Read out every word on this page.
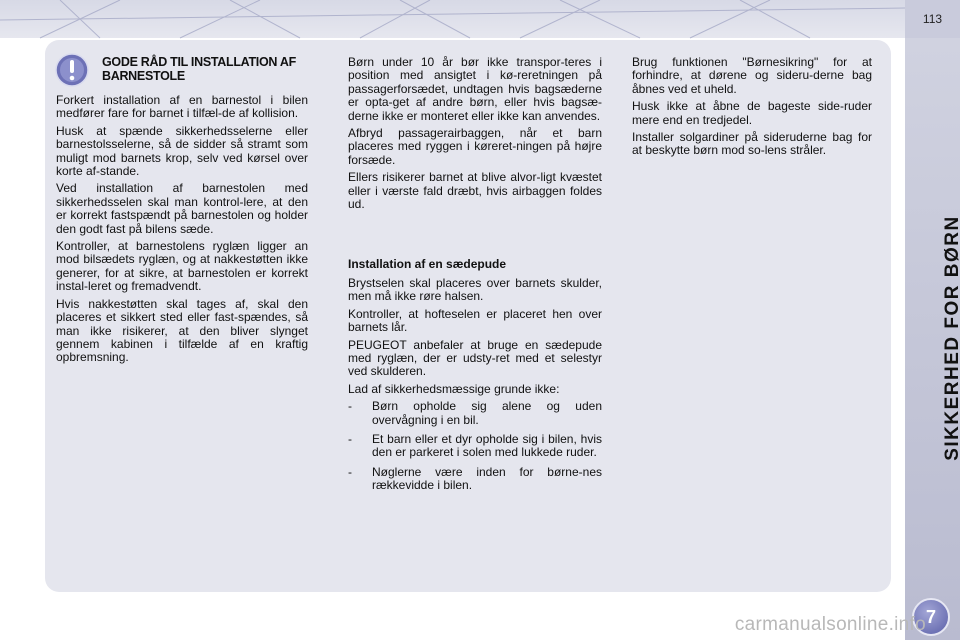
113
SIKKERHED FOR BØRN
7
GODE RÅD TIL INSTALLATION AF BARNESTOLE

Forkert installation af en barnestol i bilen medfører fare for barnet i tilfæl-de af kollision.

Husk at spænde sikkerhedsselerne eller barnestolsselerne, så de sidder så stramt som muligt mod barnets krop, selv ved kørsel over korte af-stande.

Ved installation af barnestolen med sikkerhedsselen skal man kontrol-lere, at den er korrekt fastspændt på barnestolen og holder den godt fast på bilens sæde.

Kontroller, at barnestolens ryglæn ligger an mod bilsædets ryglæn, og at nakkestøtten ikke generer, for at sikre, at barnestolen er korrekt instal-leret og fremadvendt.

Hvis nakkestøtten skal tages af, skal den placeres et sikkert sted eller fast-spændes, så man ikke risikerer, at den bliver slynget gennem kabinen i tilfælde af en kraftig opbremsning.

Børn under 10 år bør ikke transpor-teres i position med ansigtet i kø-reretningen på passagerforsædet, undtagen hvis bagsæderne er opta-get af andre børn, eller hvis bagsæ-derne ikke er monteret eller ikke kan anvendes.

Afbryd passagerairbaggen, når et barn placeres med ryggen i køreret-ningen på højre forsæde.

Ellers risikerer barnet at blive alvor-ligt kvæstet eller i værste fald dræbt, hvis airbaggen foldes ud.

Installation af en sædepude

Brystselen skal placeres over barnets skulder, men må ikke røre halsen.

Kontroller, at hofteselen er placeret hen over barnets lår.

PEUGEOT anbefaler at bruge en sædepude med ryglæn, der er udsty-ret med et selestyr ved skulderen.

Lad af sikkerhedsmæssige grunde ikke:

-	Børn opholde sig alene og uden overvågning i en bil.
-	Et barn eller et dyr opholde sig i bilen, hvis den er parkeret i solen med lukkede ruder.
-	Nøglerne være inden for børne-nes rækkevidde i bilen.

Brug funktionen "Børnesikring" for at forhindre, at dørene og sideru-derne bag åbnes ved et uheld.

Husk ikke at åbne de bageste side-ruder mere end en tredjedel.

Installer solgardiner på sideruderne bag for at beskytte børn mod so-lens stråler.

carmanualsonline.info
